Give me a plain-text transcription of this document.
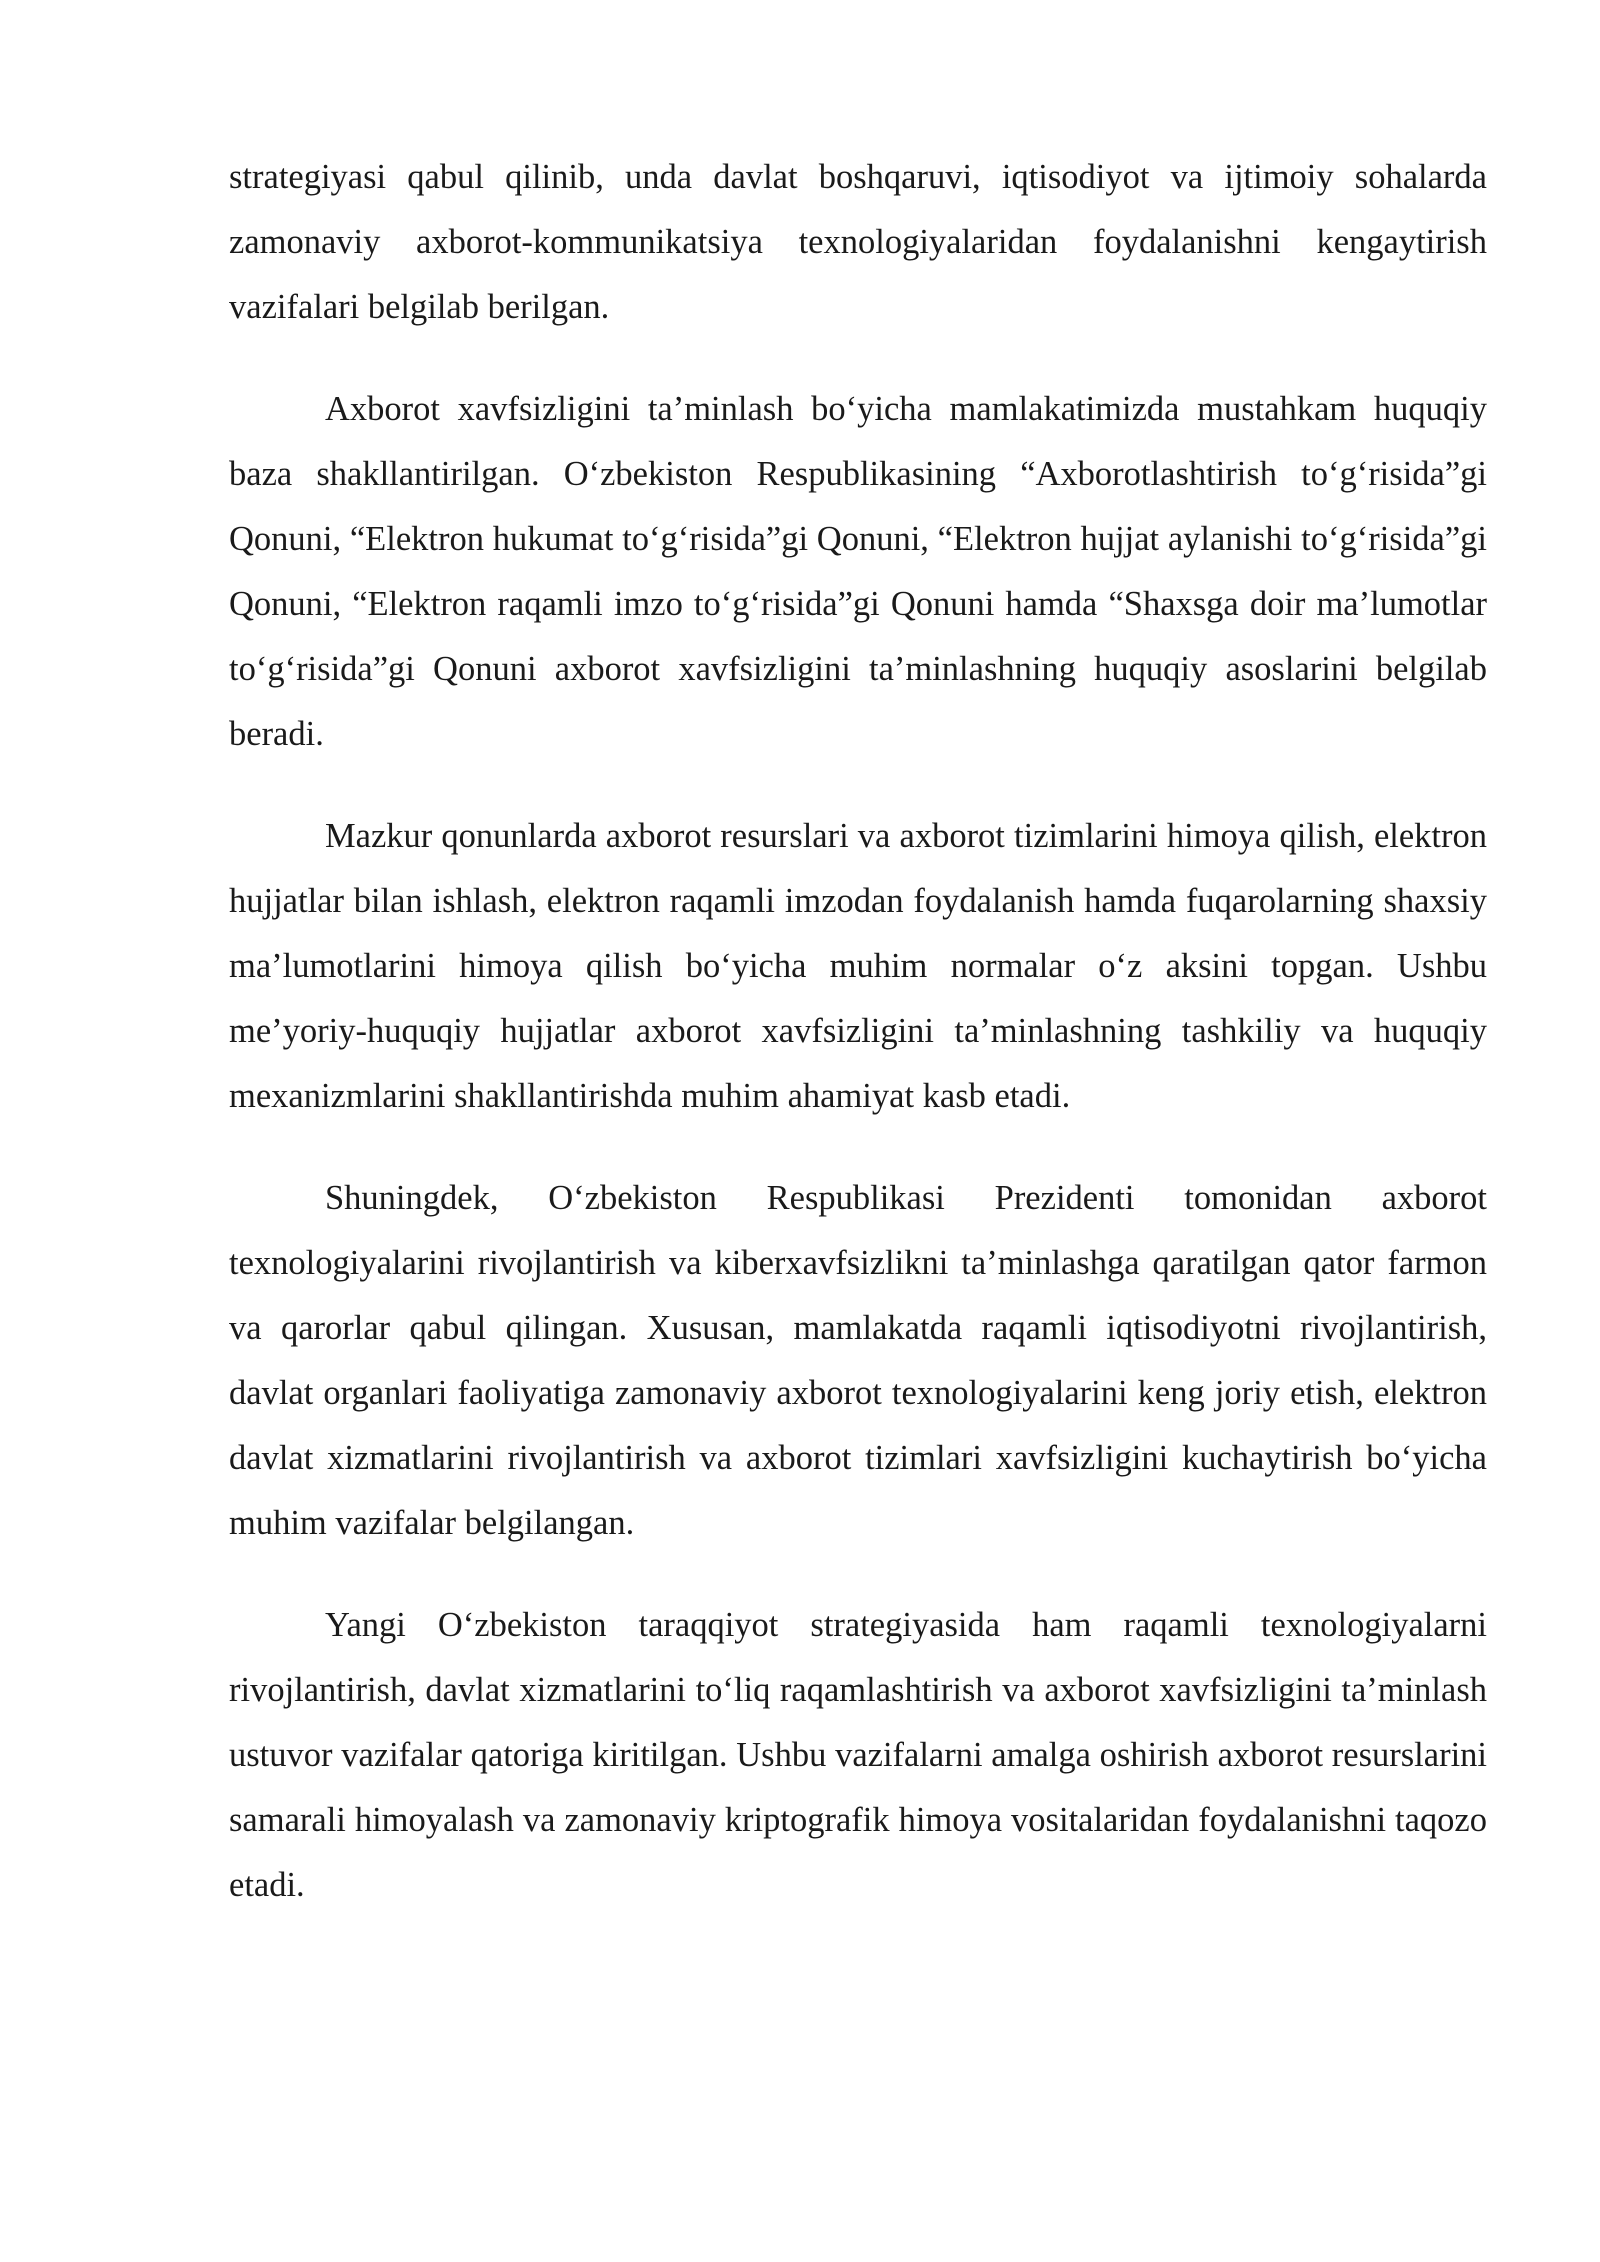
strategiyasi qabul qilinib, unda davlat boshqaruvi, iqtisodiyot va ijtimoiy sohalarda zamonaviy axborot-kommunikatsiya texnologiyalaridan foydalanishni kengaytirish vazifalari belgilab berilgan.

Axborot xavfsizligini ta’minlash bo‘yicha mamlakatimizda mustahkam huquqiy baza shakllantirilgan. O‘zbekiston Respublikasining “Axborotlashtirish to‘g‘risida”gi Qonuni, “Elektron hukumat to‘g‘risida”gi Qonuni, “Elektron hujjat aylanishi to‘g‘risida”gi Qonuni, “Elektron raqamli imzo to‘g‘risida”gi Qonuni hamda “Shaxsga doir ma’lumotlar to‘g‘risida”gi Qonuni axborot xavfsizligini ta’minlashning huquqiy asoslarini belgilab beradi.

Mazkur qonunlarda axborot resurslari va axborot tizimlarini himoya qilish, elektron hujjatlar bilan ishlash, elektron raqamli imzodan foydalanish hamda fuqarolarning shaxsiy ma’lumotlarini himoya qilish bo‘yicha muhim normalar o‘z aksini topgan. Ushbu me’yoriy-huquqiy hujjatlar axborot xavfsizligini ta’minlashning tashkiliy va huquqiy mexanizmlarini shakllantirishda muhim ahamiyat kasb etadi.

Shuningdek, O‘zbekiston Respublikasi Prezidenti tomonidan axborot texnologiyalarini rivojlantirish va kiberxavfsizlikni ta’minlashga qaratilgan qator farmon va qarorlar qabul qilingan. Xususan, mamlakatda raqamli iqtisodiyotni rivojlantirish, davlat organlari faoliyatiga zamonaviy axborot texnologiyalarini keng joriy etish, elektron davlat xizmatlarini rivojlantirish va axborot tizimlari xavfsizligini kuchaytirish bo‘yicha muhim vazifalar belgilangan.

Yangi O‘zbekiston taraqqiyot strategiyasida ham raqamli texnologiyalarni rivojlantirish, davlat xizmatlarini to‘liq raqamlashtirish va axborot xavfsizligini ta’minlash ustuvor vazifalar qatoriga kiritilgan. Ushbu vazifalarni amalga oshirish axborot resurslarini samarali himoyalash va zamonaviy kriptografik himoya vositalaridan foydalanishni taqozo etadi.
